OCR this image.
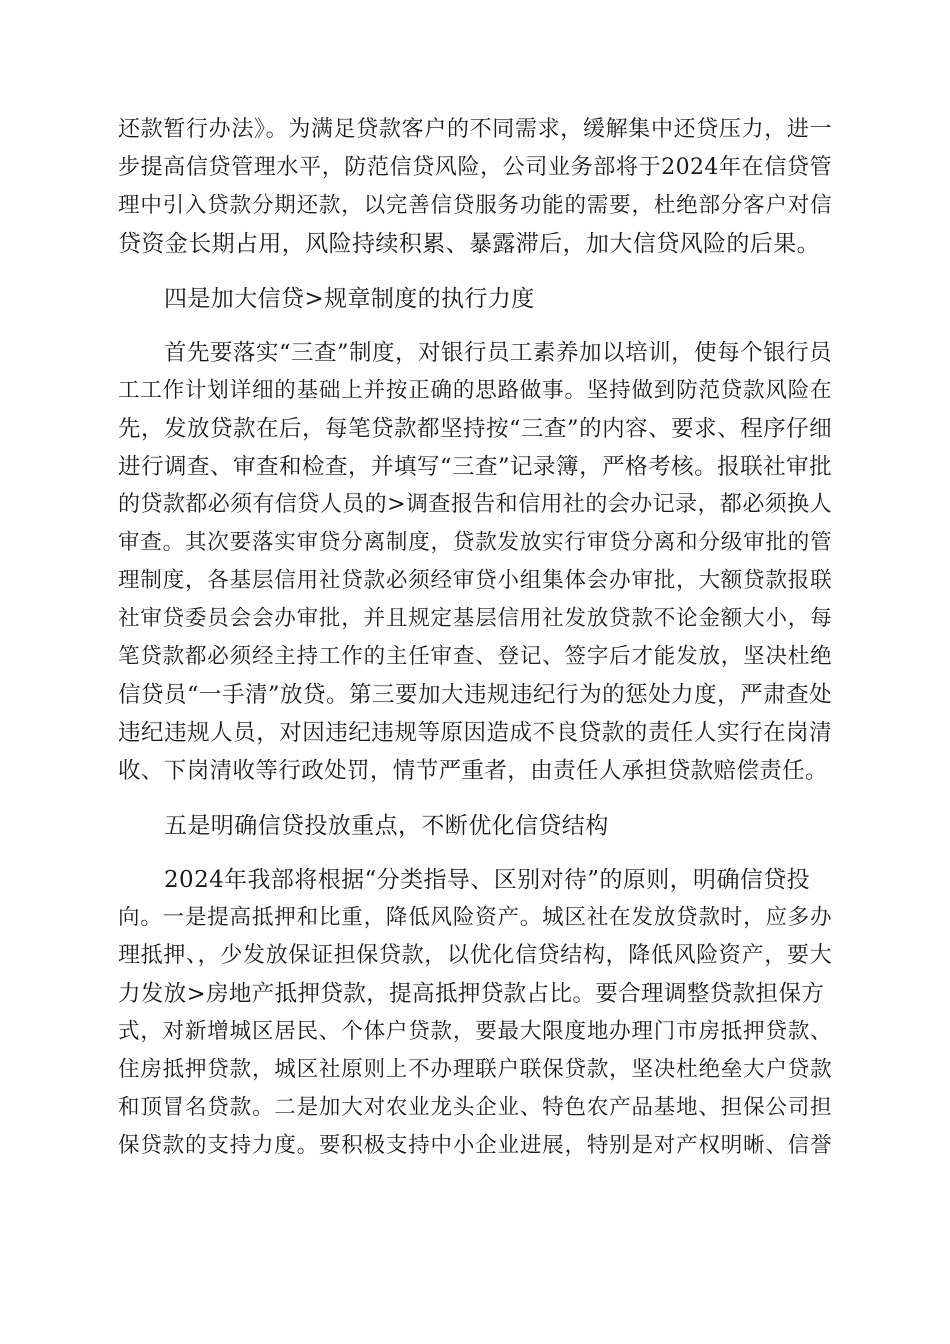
还款暂行办法》。为满足贷款客户的不同需求，缓解集中还贷压力，进一
步提高信贷管理水平，防范信贷风险，公司业务部将于2024年在信贷管
理中引入贷款分期还款，以完善信贷服务功能的需要，杜绝部分客户对信
贷资金长期占用，风险持续积累、暴露滞后，加大信贷风险的后果。
四是加大信贷>规章制度的执行力度
首先要落实“三查”制度，对银行员工素养加以培训，使每个银行员
工工作计划详细的基础上并按正确的思路做事。坚持做到防范贷款风险在
先，发放贷款在后，每笔贷款都坚持按“三查”的内容、要求、程序仔细
进行调查、审查和检查，并填写“三查”记录簿，严格考核。报联社审批
的贷款都必须有信贷人员的>调查报告和信用社的会办记录，都必须换人
审查。其次要落实审贷分离制度，贷款发放实行审贷分离和分级审批的管
理制度，各基层信用社贷款必须经审贷小组集体会办审批，大额贷款报联
社审贷委员会会办审批，并且规定基层信用社发放贷款不论金额大小，每
笔贷款都必须经主持工作的主任审查、登记、签字后才能发放，坚决杜绝
信贷员“一手清”放贷。第三要加大违规违纪行为的惩处力度，严肃查处
违纪违规人员，对因违纪违规等原因造成不良贷款的责任人实行在岗清
收、下岗清收等行政处罚，情节严重者，由责任人承担贷款赔偿责任。
五是明确信贷投放重点，不断优化信贷结构
2024年我部将根据“分类指导、区别对待”的原则，明确信贷投
向。一是提高抵押和比重，降低风险资产。城区社在发放贷款时，应多办
理抵押、，少发放保证担保贷款，以优化信贷结构，降低风险资产，要大
力发放>房地产抵押贷款，提高抵押贷款占比。要合理调整贷款担保方
式，对新增城区居民、个体户贷款，要最大限度地办理门市房抵押贷款、
住房抵押贷款，城区社原则上不办理联户联保贷款，坚决杜绝垒大户贷款
和顶冒名贷款。二是加大对农业龙头企业、特色农产品基地、担保公司担
保贷款的支持力度。要积极支持中小企业进展，特别是对产权明晰、信誉
